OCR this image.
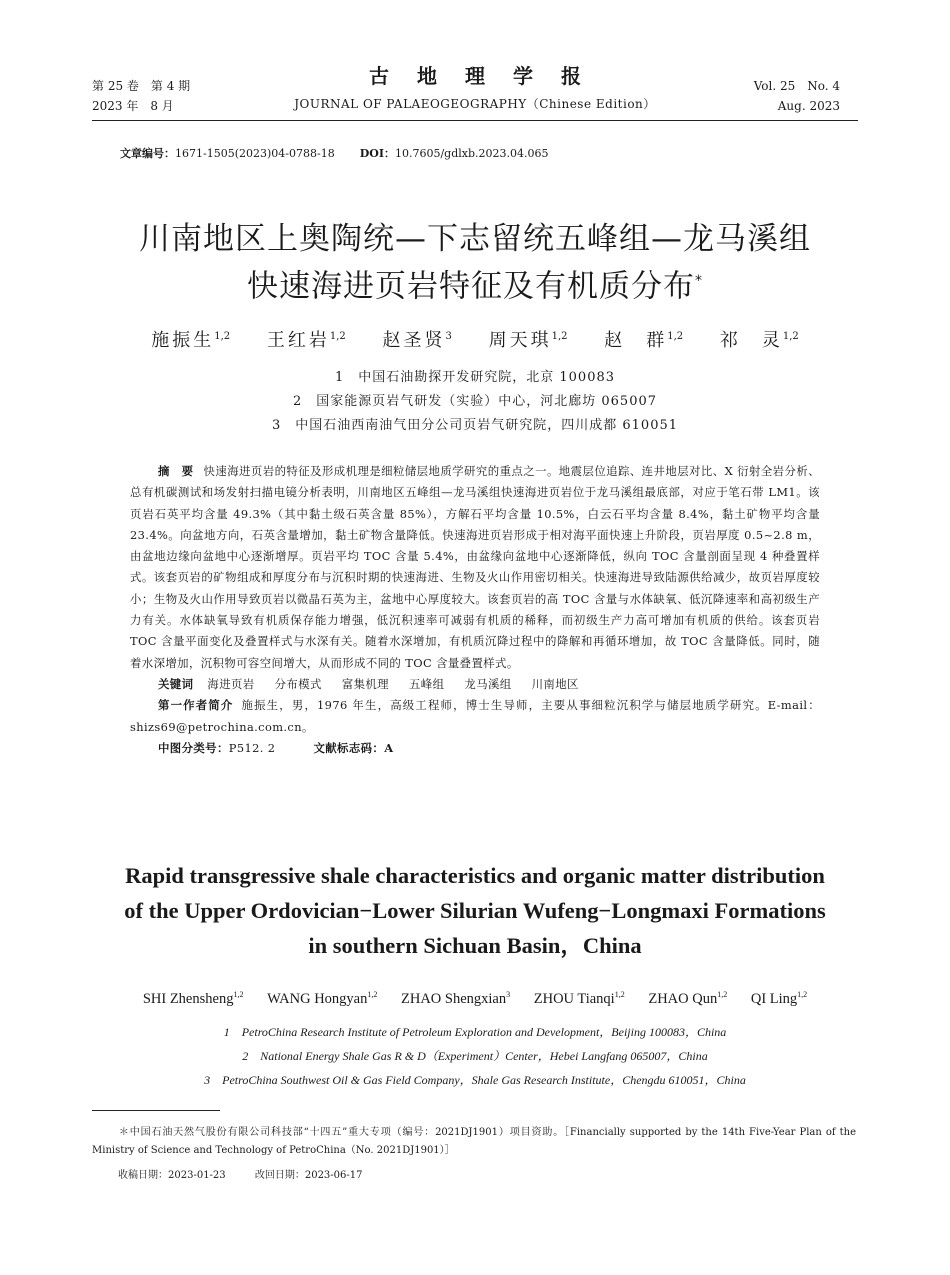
第 25 卷　第 4 期
2023 年　8 月
古地理学报
JOURNAL OF PALAEOGEOGRAPHY（Chinese Edition）
Vol. 25　No. 4
Aug. 2023
文章编号：1671-1505(2023)04-0788-18 DOI：10.7605/gdlxb.2023.04.065
川南地区上奥陶统—下志留统五峰组—龙马溪组
快速海进页岩特征及有机质分布*
施振生$^{1,2}$ 王红岩$^{1,2}$ 赵圣贤$^3$ 周天琪$^{1,2}$ 赵　群$^{1,2}$ 祁　灵$^{1,2}$
1　中国石油勘探开发研究院，北京 100083
2　国家能源页岩气研发（实验）中心，河北廊坊 065007
3　中国石油西南油气田分公司页岩气研究院，四川成都 610051
摘　要 快速海进页岩的特征及形成机理是细粒储层地质学研究的重点之一。地震层位追踪、连井地层对比、X 衍射全岩分析、总有机碳测试和场发射扫描电镜分析表明，川南地区五峰组—龙马溪组快速海进页岩位于龙马溪组最底部，对应于笔石带 LM1。该页岩石英平均含量 49.3%（其中黏土级石英含量 85%），方解石平均含量 10.5%，白云石平均含量 8.4%，黏土矿物平均含量 23.4%。向盆地方向，石英含量增加，黏土矿物含量降低。快速海进页岩形成于相对海平面快速上升阶段，页岩厚度 0.5~2.8 m，由盆地边缘向盆地中心逐渐增厚。页岩平均 TOC 含量 5.4%，由盆缘向盆地中心逐渐降低，纵向 TOC 含量剖面呈现 4 种叠置样式。该套页岩的矿物组成和厚度分布与沉积时期的快速海进、生物及火山作用密切相关。快速海进导致陆源供给减少，故页岩厚度较小；生物及火山作用导致页岩以微晶石英为主，盆地中心厚度较大。该套页岩的高 TOC 含量与水体缺氧、低沉降速率和高初级生产力有关。水体缺氧导致有机质保存能力增强，低沉积速率可减弱有机质的稀释，而初级生产力高可增加有机质的供给。该套页岩 TOC 含量平面变化及叠置样式与水深有关。随着水深增加，有机质沉降过程中的降解和再循环增加，故 TOC 含量降低。同时，随着水深增加，沉积物可容空间增大，从而形成不同的 TOC 含量叠置样式。
关键词 海进页岩 分布模式 富集机理 五峰组 龙马溪组 川南地区
第一作者简介 施振生，男，1976 年生，高级工程师，博士生导师，主要从事细粒沉积学与储层地质学研究。E-mail：shizs69@petrochina.com.cn。
中图分类号：P512. 2	文献标志码：A
Rapid transgressive shale characteristics and organic matter distribution
of the Upper Ordovician−Lower Silurian Wufeng−Longmaxi Formations
in southern Sichuan Basin，China
SHI Zhensheng$^{1,2}$ WANG Hongyan$^{1,2}$ ZHAO Shengxian$^3$ ZHOU Tianqi$^{1,2}$ ZHAO Qun$^{1,2}$ QI Ling$^{1,2}$
1　PetroChina Research Institute of Petroleum Exploration and Development，Beijing 100083，China
2　National Energy Shale Gas R & D（Experiment）Center，Hebei Langfang 065007，China
3　PetroChina Southwest Oil & Gas Field Company，Shale Gas Research Institute，Chengdu 610051，China
＊中国石油天然气股份有限公司科技部“十四五”重大专项（编号：2021DJ1901）项目资助。［Financially supported by the 14th Five-Year Plan of the Ministry of Science and Technology of PetroChina（No. 2021DJ1901）］
收稿日期：2023-01-23	改回日期：2023-06-17
